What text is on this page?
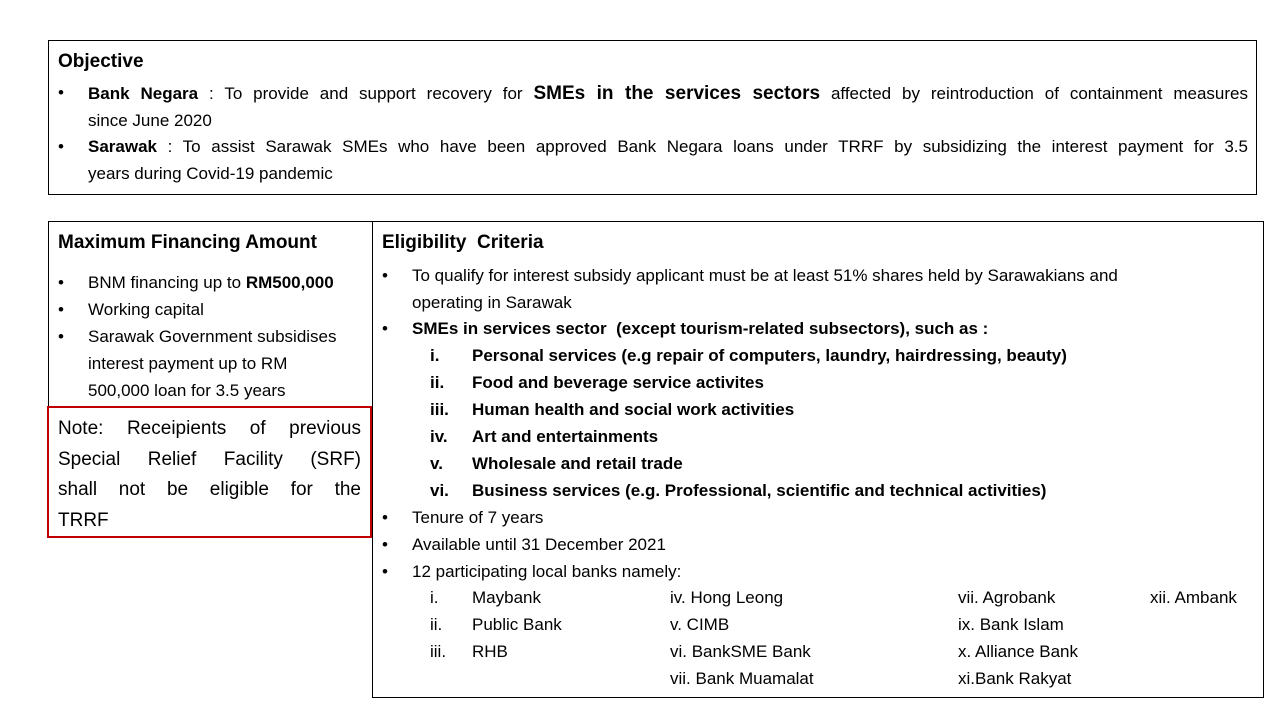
Objective
• Bank Negara : To provide and support recovery for SMEs in the services sectors affected by reintroduction of containment measures
since June 2020
• Sarawak : To assist Sarawak SMEs who have been approved Bank Negara loans under TRRF by subsidizing the interest payment for 3.5
years during Covid-19 pandemic
Maximum Financing Amount
• BNM financing up to RM500,000
• Working capital
• Sarawak Government subsidises
interest payment up to RM
500,000 loan for 3.5 years
Note: Receipients of previous
Special Relief Facility (SRF)
shall not be eligible for the
TRRF
Eligibility  Criteria
• To qualify for interest subsidy applicant must be at least 51% shares held by Sarawakians and
operating in Sarawak
• SMEs in services sector  (except tourism-related subsectors), such as :
i. Personal services (e.g repair of computers, laundry, hairdressing, beauty)
ii. Food and beverage service activites
iii. Human health and social work activities
iv. Art and entertainments
v. Wholesale and retail trade
vi. Business services (e.g. Professional, scientific and technical activities)
• Tenure of 7 years
• Available until 31 December 2021
• 12 participating local banks namely:
i. Maybank
ii. Public Bank
iii. RHB
iv. Hong Leong
v. CIMB
vi. BankSME Bank
vii. Bank Muamalat
vii. Agrobank
ix. Bank Islam
x. Alliance Bank
xi.Bank Rakyat
xii. Ambank
